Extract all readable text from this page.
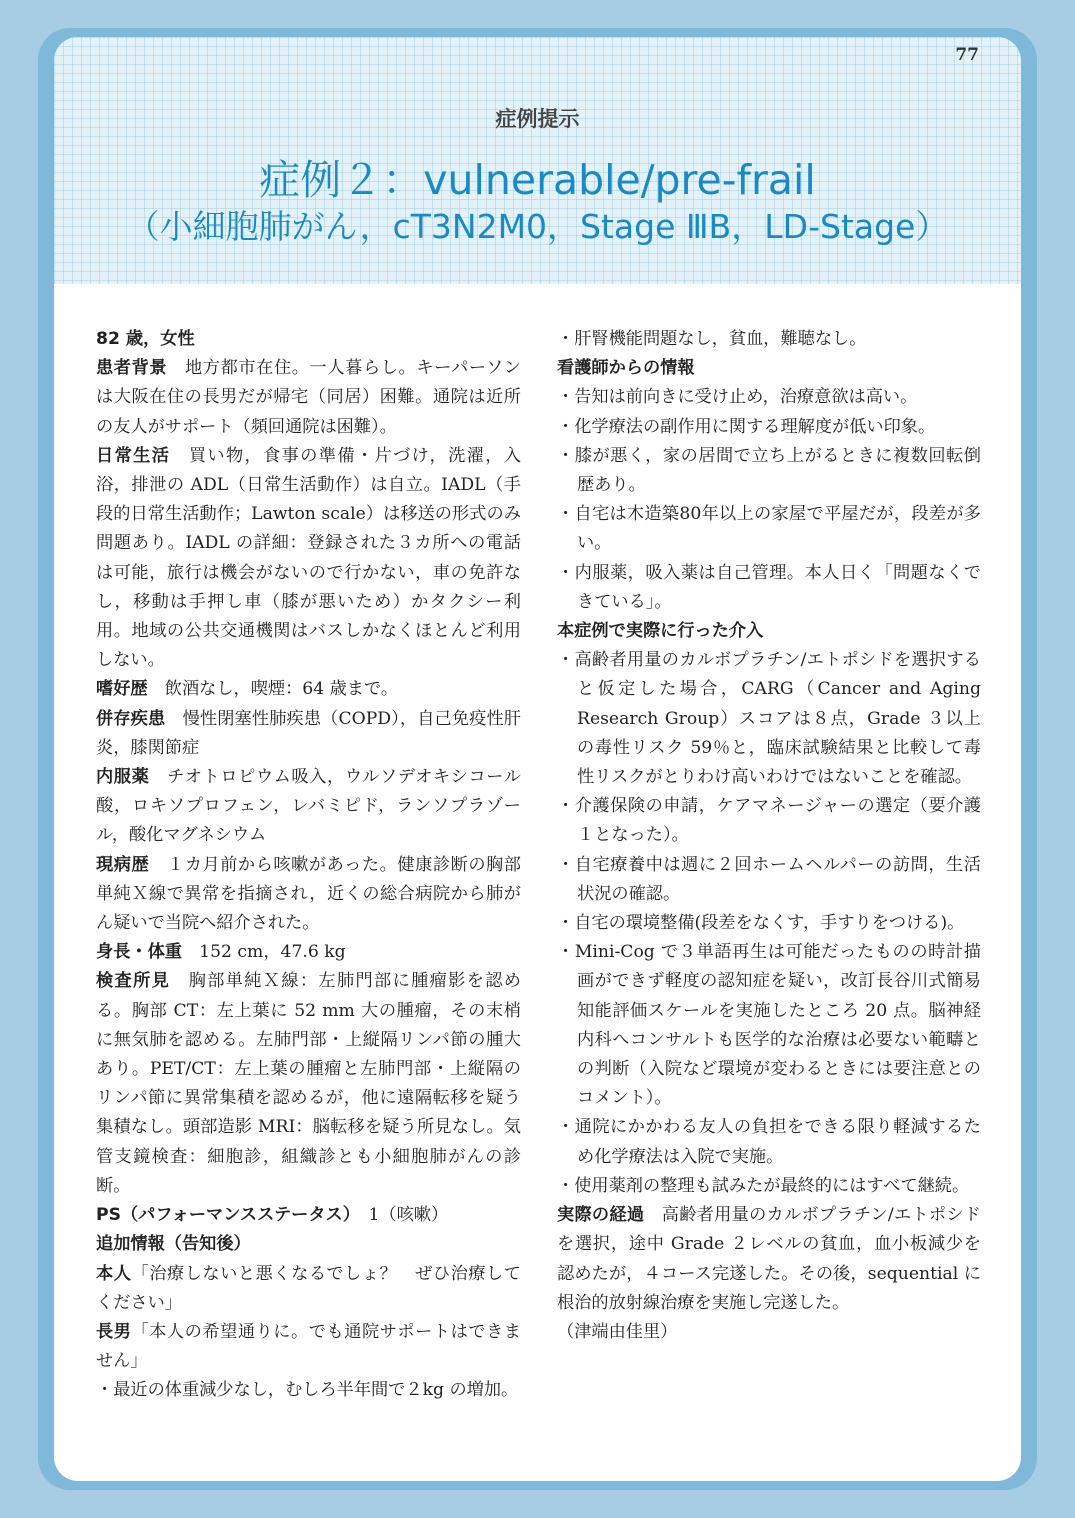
77
症例提示
症例２：vulnerable/pre-frail
（小細胞肺がん，cT3N2M0，Stage ⅢB，LD-Stage）

82 歳，女性

患者背景　 地方都市在住。一人暮らし。キーパーソンは大阪在住の長男だが帰宅（同居）困難。通院は近所の友人がサポート（頻回通院は困難）。

日常生活　 買い物，食事の準備・片づけ，洗濯，入浴，排泄の ADL（日常生活動作）は自立。IADL（手段的日常生活動作；Lawton scale）は移送の形式のみ問題あり。IADL の詳細：登録された３カ所への電話は可能，旅行は機会がないので行かない，車の免許なし，移動は手押し車（膝が悪いため）かタクシー利用。地域の公共交通機関はバスしかなくほとんど利用しない。

嗜好歴　 飲酒なし，喫煙：64 歳まで。

併存疾患　 慢性閉塞性肺疾患（COPD），自己免疫性肝炎，膝関節症

内服薬　 チオトロピウム吸入，ウルソデオキシコール酸，ロキソプロフェン，レバミピド，ランソプラゾール，酸化マグネシウム

現病歴　 １カ月前から咳嗽があった。健康診断の胸部単純Ｘ線で異常を指摘され，近くの総合病院から肺がん疑いで当院へ紹介された。

身長・体重　 152 cm，47.6 kg

検査所見　 胸部単純Ｘ線：左肺門部に腫瘤影を認める。胸部 CT：左上葉に 52 mm 大の腫瘤，その末梢に無気肺を認める。左肺門部・上縦隔リンパ節の腫大あり。PET/CT：左上葉の腫瘤と左肺門部・上縦隔のリンパ節に異常集積を認めるが，他に遠隔転移を疑う集積なし。頭部造影 MRI：脳転移を疑う所見なし。気管支鏡検査：細胞診，組織診とも小細胞肺がんの診断。

PS（パフォーマンスステータス）　 1（咳嗽）

追加情報（告知後）

本人「治療しないと悪くなるでしょ？　ぜひ治療してください」

長男「本人の希望通りに。でも通院サポートはできません」

・最近の体重減少なし，むしろ半年間で２kg の増加。

・肝腎機能問題なし，貧血，難聴なし。

看護師からの情報

・告知は前向きに受け止め，治療意欲は高い。

・化学療法の副作用に関する理解度が低い印象。

・膝が悪く，家の居間で立ち上がるときに複数回転倒歴あり。

・自宅は木造築80年以上の家屋で平屋だが，段差が多い。

・内服薬，吸入薬は自己管理。本人日く「問題なくできている」。

本症例で実際に行った介入

・高齢者用量のカルボプラチン/エトポシドを選択すると仮定した場合，CARG（Cancer and Aging Research Group）スコアは８点，Grade ３以上の毒性リスク 59％と，臨床試験結果と比較して毒性リスクがとりわけ高いわけではないことを確認。

・介護保険の申請，ケアマネージャーの選定（要介護１となった）。

・自宅療養中は週に２回ホームヘルパーの訪問，生活状況の確認。

・自宅の環境整備(段差をなくす，手すりをつける)。

・Mini-Cog で３単語再生は可能だったものの時計描画ができず軽度の認知症を疑い，改訂長谷川式簡易知能評価スケールを実施したところ 20 点。脳神経内科へコンサルトも医学的な治療は必要ない範疇との判断（入院など環境が変わるときには要注意とのコメント）。

・通院にかかわる友人の負担をできる限り軽減するため化学療法は入院で実施。

・使用薬剤の整理も試みたが最終的にはすべて継続。

実際の経過　 高齢者用量のカルボプラチン/エトポシドを選択，途中 Grade ２レベルの貧血，血小板減少を認めたが，４コース完遂した。その後，sequential に根治的放射線治療を実施し完遂した。

（津端由佳里）
